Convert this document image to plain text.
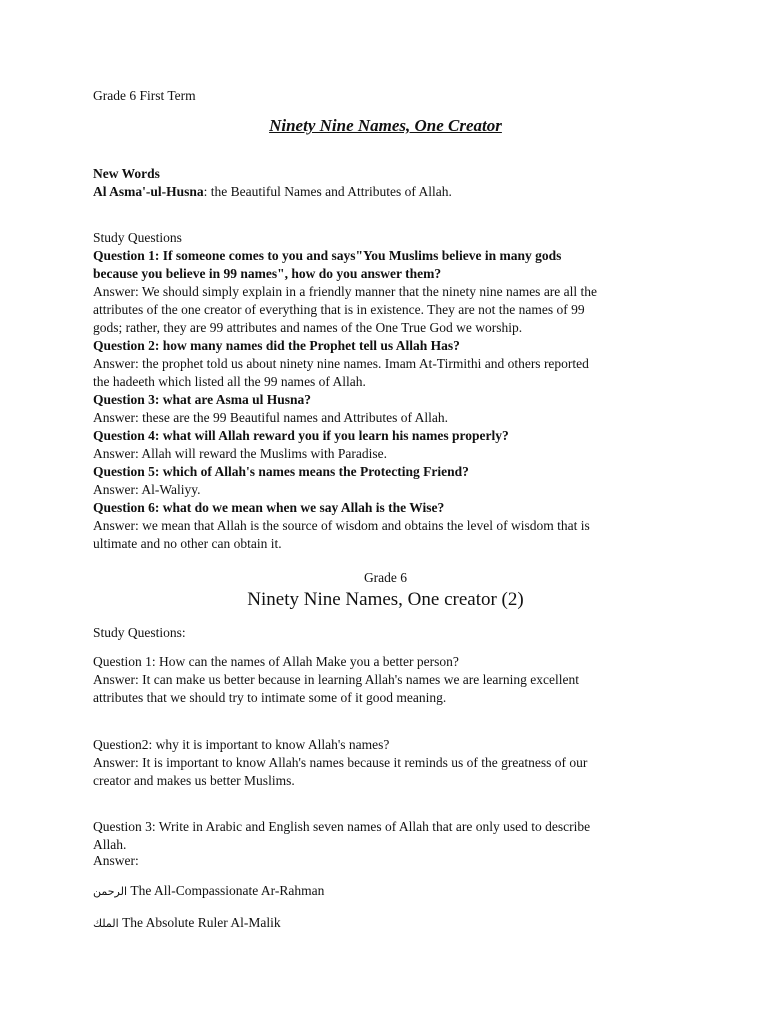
Grade 6 First Term
Ninety Nine Names, One Creator
New Words
Al Asma'-ul-Husna: the Beautiful Names and Attributes of Allah.
Study Questions
Question 1: If someone comes to you and says"You Muslims believe in many gods
because you believe in 99 names", how do you answer them?
Answer: We should simply explain in a friendly manner that the ninety nine names are all the
attributes of the one creator of everything that is in existence. They are not the names of 99
gods; rather, they are 99 attributes and names of the One True God we worship.
Question 2: how many names did the Prophet tell us Allah Has?
Answer: the prophet told us about ninety nine names. Imam At-Tirmithi and others reported
the hadeeth which listed all the 99 names of Allah.
Question 3: what are Asma ul Husna?
Answer: these are the 99 Beautiful names and Attributes of Allah.
Question 4: what will Allah reward you if you learn his names properly?
Answer: Allah will reward the Muslims with Paradise.
Question 5: which of Allah's names means the Protecting Friend?
Answer: Al-Waliyy.
Question 6: what do we mean when we say Allah is the Wise?
Answer: we mean that Allah is the source of wisdom and obtains the level of wisdom that is
ultimate and no other can obtain it.
Grade 6
Ninety Nine Names, One creator (2)
Study Questions:
Question 1: How can the names of Allah Make you a better person?
Answer: It can make us better because in learning Allah's names we are learning excellent
attributes that we should try to intimate some of it good meaning.
Question2: why it is important to know Allah's names?
Answer: It is important to know Allah's names because it reminds us of the greatness of our
creator and makes us better Muslims.
Question 3: Write in Arabic and English seven names of Allah that are only used to describe
Allah.
Answer:
الرحمن The All-Compassionate Ar-Rahman
الملك The Absolute Ruler Al-Malik
